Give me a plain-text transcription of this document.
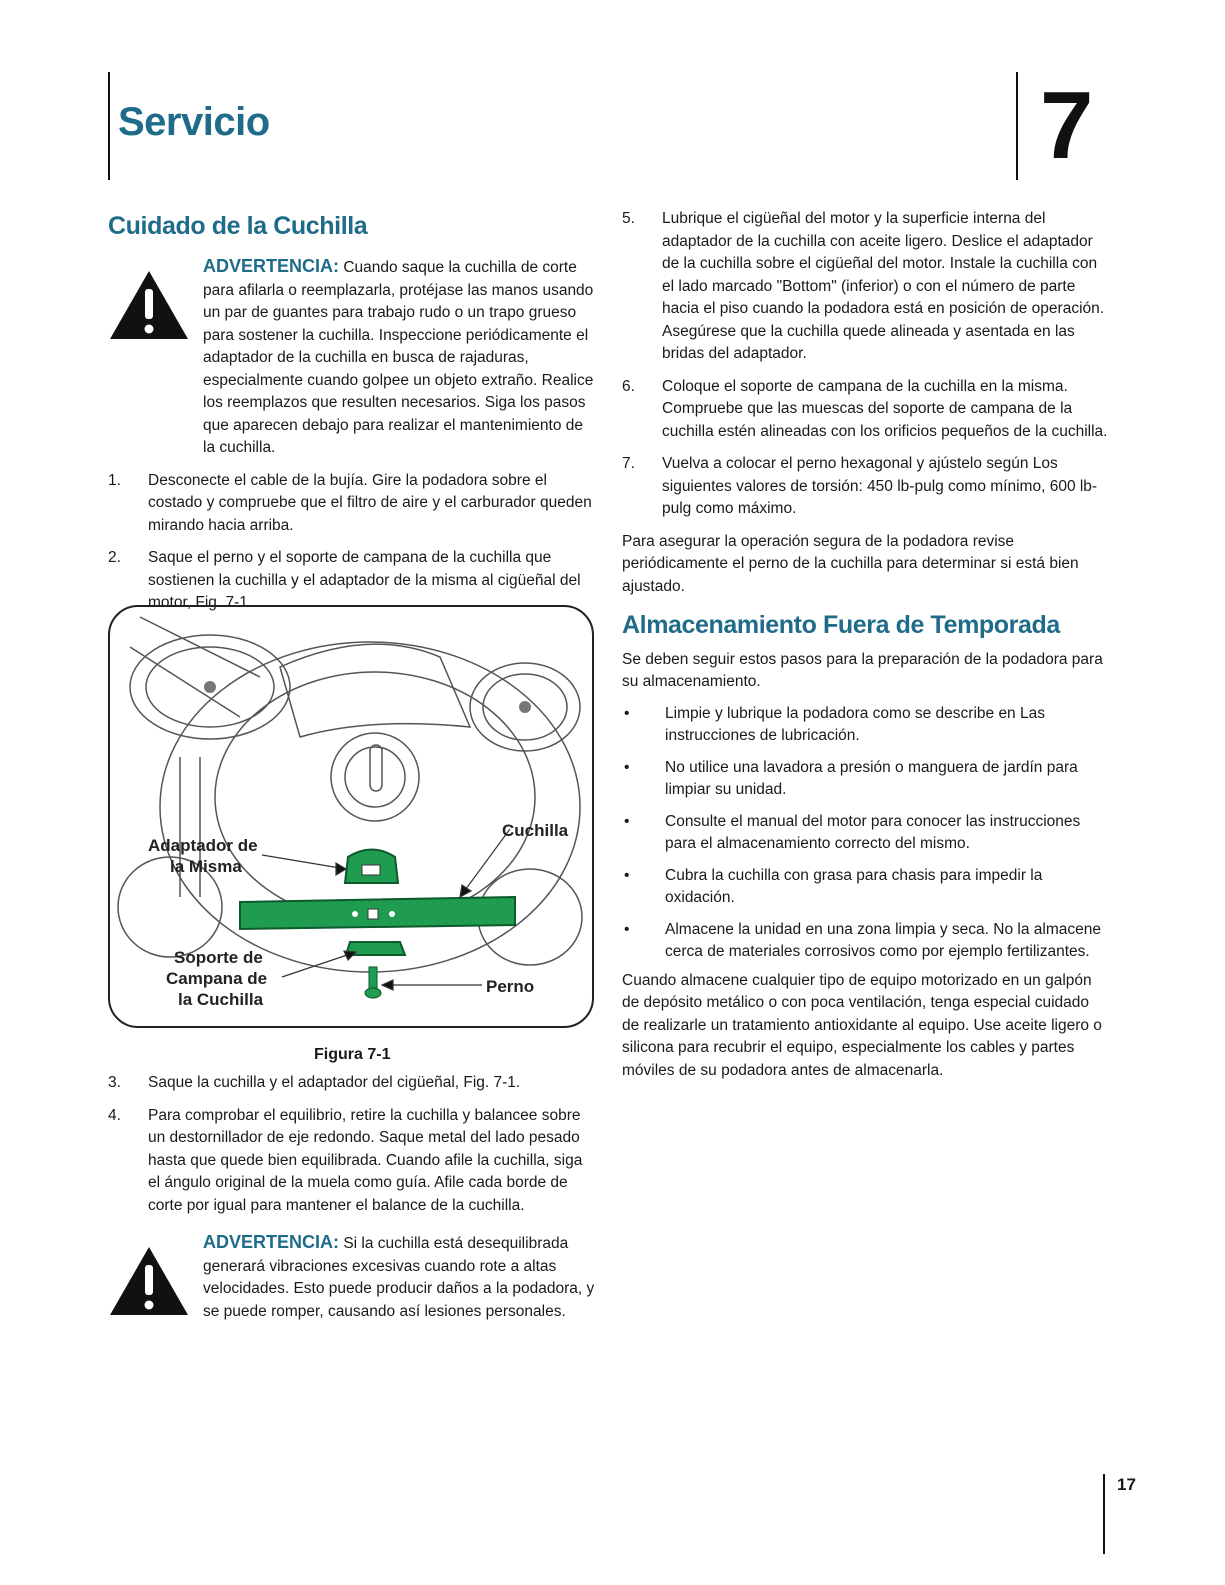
Servicio	7
Cuidado de la Cuchilla

ADVERTENCIA: Cuando saque la cuchilla de corte para afilarla o reemplazarla, protéjase las manos usando un par de guantes para trabajo rudo o un trapo grueso para sostener la cuchilla. Inspeccione periódicamente el adaptador de la cuchilla en busca de rajaduras, especialmente cuando golpee un objeto extraño. Realice los reemplazos que resulten necesarios. Siga los pasos que aparecen debajo para realizar el mantenimiento de la cuchilla.

1. Desconecte el cable de la bujía. Gire la podadora sobre el costado y compruebe que el filtro de aire y el carburador queden mirando hacia arriba.

2. Saque el perno y el soporte de campana de la cuchilla que sostienen la cuchilla y el adaptador de la misma al cigüeñal del motor, Fig. 7-1.

Adaptador de
la Misma
Cuchilla
Soporte de
Campana de
la Cuchilla
Perno
Figura 7-1
3. Saque la cuchilla y el adaptador del cigüeñal, Fig. 7-1.

4. Para comprobar el equilibrio, retire la cuchilla y balancee sobre un destornillador de eje redondo. Saque metal del lado pesado hasta que quede bien equilibrada. Cuando afile la cuchilla, siga el ángulo original de la muela como guía. Afile cada borde de corte por igual para mantener el balance de la cuchilla.

ADVERTENCIA: Si la cuchilla está desequilibrada generará vibraciones excesivas cuando rote a altas velocidades. Esto puede producir daños a la podadora, y se puede romper, causando así lesiones personales.

5. Lubrique el cigüeñal del motor y la superficie interna del adaptador de la cuchilla con aceite ligero. Deslice el adaptador de la cuchilla sobre el cigüeñal del motor. Instale la cuchilla con el lado marcado "Bottom" (inferior) o con el número de parte hacia el piso cuando la podadora está en posición de operación. Asegúrese que la cuchilla quede alineada y asentada en las bridas del adaptador.

6. Coloque el soporte de campana de la cuchilla en la misma. Compruebe que las muescas del soporte de campana de la cuchilla estén alineadas con los orificios pequeños de la cuchilla.

7. Vuelva a colocar el perno hexagonal y ajústelo según Los siguientes valores de torsión: 450 lb-pulg como mínimo, 600 lb-pulg como máximo.

Para asegurar la operación segura de la podadora revise periódicamente el perno de la cuchilla para determinar si está bien ajustado.

Almacenamiento Fuera de Temporada

Se deben seguir estos pasos para la preparación de la podadora para su almacenamiento.

• Limpie y lubrique la podadora como se describe en Las instrucciones de lubricación.

• No utilice una lavadora a presión o manguera de jardín para limpiar su unidad.

• Consulte el manual del motor para conocer las instrucciones para el almacenamiento correcto del mismo.

• Cubra la cuchilla con grasa para chasis para impedir la oxidación.

• Almacene la unidad en una zona limpia y seca. No la almacene cerca de materiales corrosivos como por ejemplo fertilizantes.

Cuando almacene cualquier tipo de equipo motorizado en un galpón de depósito metálico o con poca ventilación, tenga especial cuidado de realizarle un tratamiento antioxidante al equipo. Use aceite ligero o silicona para recubrir el equipo, especialmente los cables y partes móviles de su podadora antes de almacenarla.

17
